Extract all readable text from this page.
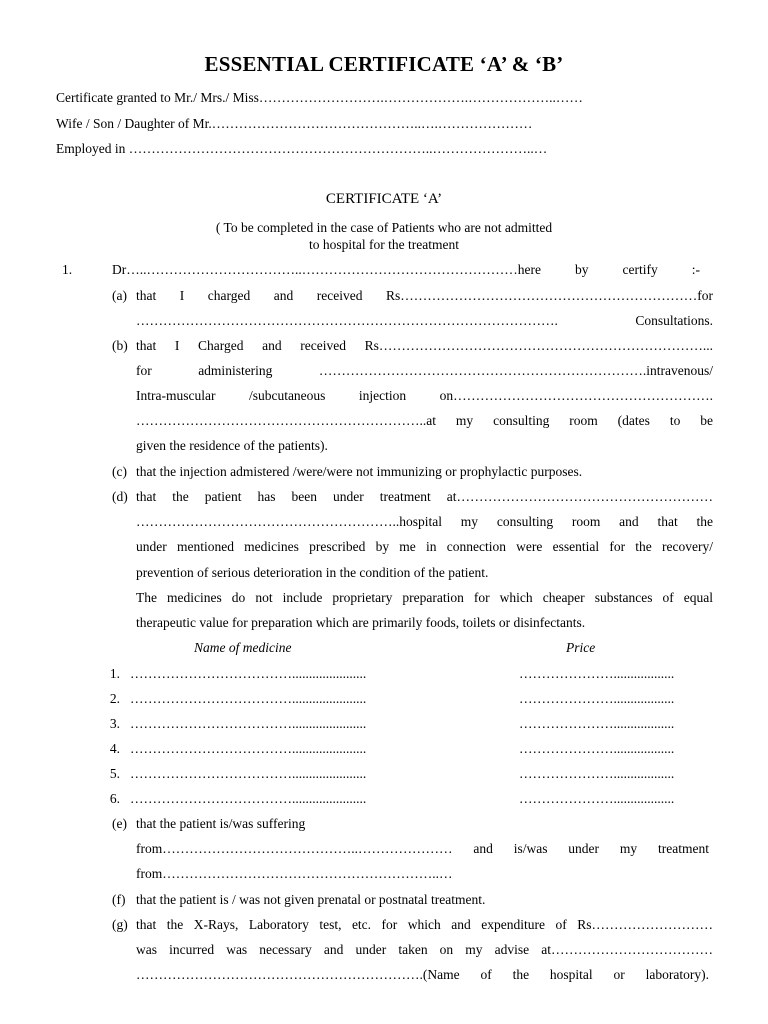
ESSENTIAL CERTIFICATE ‘A’ & ‘B’
Certificate granted to Mr./ Mrs./ Miss……………………….……………….………………..……
Wife / Son / Daughter of Mr.………………………………………..….…………………
Employed in …………………………………………………………..…………………..…
CERTIFICATE ‘A’
( To be completed in the case of Patients who are not admitted
to hospital for the treatment
1.	Dr…..……………………………..…………………………………………here by certify :-
(a) that I charged and received Rs…………………………………………………………for
…………………………………………………………………………………. Consultations.
(b) that I Charged and received Rs………………………………………………………………...
for administering ……………………………………………………………….intravenous/
Intra-muscular /subcutaneous injection on………………………………………………….
………………………………………………………..at my consulting room (dates to be
given the residence of the patients).
(c) that the injection admistered /were/were not immunizing or prophylactic purposes.
(d) that the patient has been under treatment at…………………………………………………
…………………………………………………..hospital my consulting room and that the
under mentioned medicines prescribed by me in connection were essential for the recovery/
prevention of serious deterioration in the condition of the patient.
The medicines do not include proprietary preparation for which cheaper substances of equal
therapeutic value for preparation which are primarily foods, toilets or disinfectants.
Name of medicine	Price
1. ………………………………......................	…………………..................
2. ………………………………......................	…………………..................
3. ………………………………......................	…………………..................
4. ………………………………......................	…………………..................
5. ………………………………......................	…………………..................
6. ………………………………......................	…………………..................
(e) that the patient is/was suffering
from……………………………………..………………… and is/was under my treatment
from……………………………………………………..…
(f) that the patient is / was not given prenatal or postnatal treatment.
(g) that the X-Rays, Laboratory test, etc. for which and expenditure of Rs………………………
was incurred was necessary and under taken on my advise at………………………………
……………………………………………………….(Name of the hospital or laboratory).
